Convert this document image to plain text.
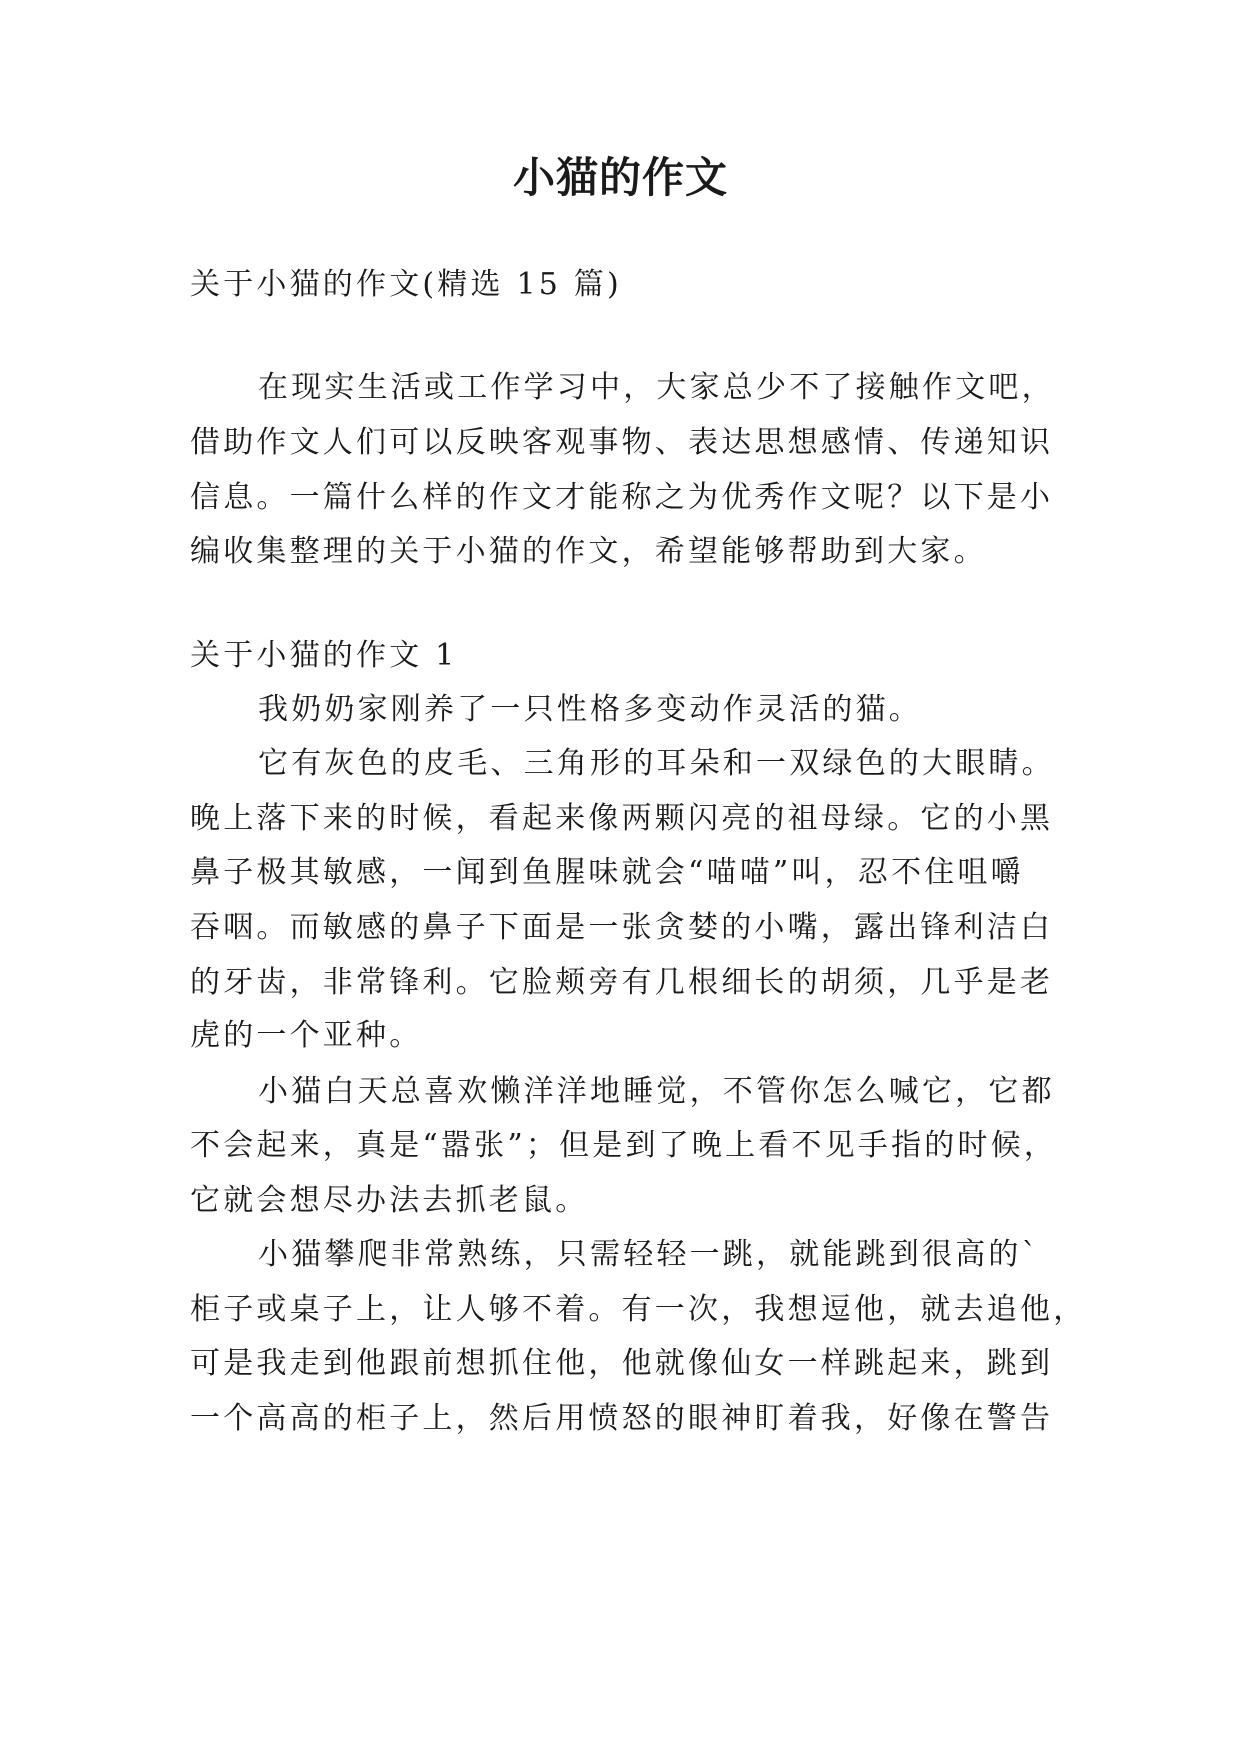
小猫的作文
关于小猫的作文(精选 15 篇)
在现实生活或工作学习中，大家总少不了接触作文吧，
借助作文人们可以反映客观事物、表达思想感情、传递知识
信息。一篇什么样的作文才能称之为优秀作文呢？以下是小
编收集整理的关于小猫的作文，希望能够帮助到大家。
关于小猫的作文 1
我奶奶家刚养了一只性格多变动作灵活的猫。
它有灰色的皮毛、三角形的耳朵和一双绿色的大眼睛。
晚上落下来的时候，看起来像两颗闪亮的祖母绿。它的小黑
鼻子极其敏感，一闻到鱼腥味就会“喵喵”叫，忍不住咀嚼
吞咽。而敏感的鼻子下面是一张贪婪的小嘴，露出锋利洁白
的牙齿，非常锋利。它脸颊旁有几根细长的胡须，几乎是老
虎的一个亚种。
小猫白天总喜欢懒洋洋地睡觉，不管你怎么喊它，它都
不会起来，真是“嚣张”；但是到了晚上看不见手指的时候，
它就会想尽办法去抓老鼠。
小猫攀爬非常熟练，只需轻轻一跳，就能跳到很高的`
柜子或桌子上，让人够不着。有一次，我想逗他，就去追他，
可是我走到他跟前想抓住他，他就像仙女一样跳起来，跳到
一个高高的柜子上，然后用愤怒的眼神盯着我，好像在警告
